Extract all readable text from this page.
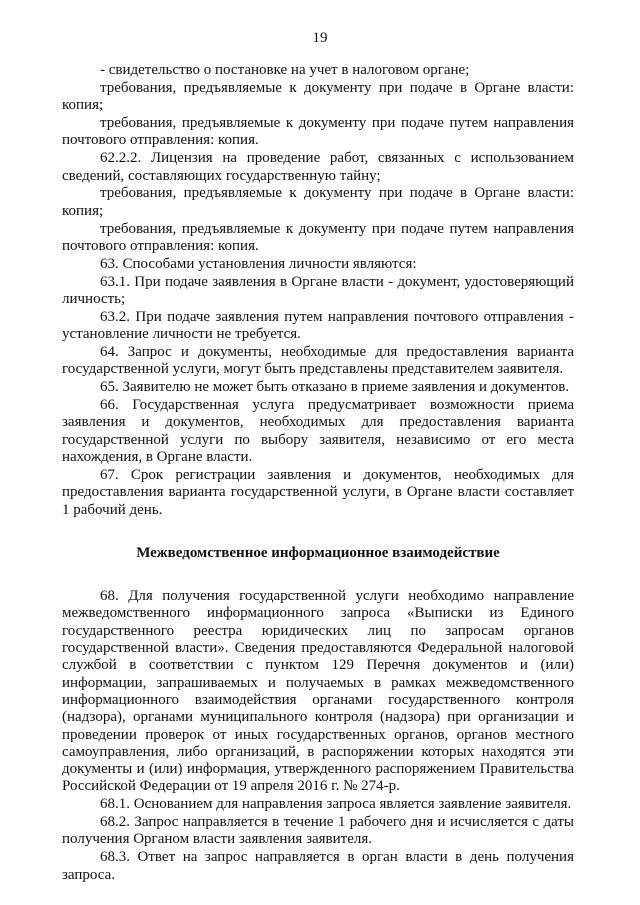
19

- свидетельство о постановке на учет в налоговом органе;

требования, предъявляемые к документу при подаче в Органе власти: копия;

требования, предъявляемые к документу при подаче путем направления почтового отправления: копия.

62.2.2. Лицензия на проведение работ, связанных с использованием сведений, составляющих государственную тайну;

требования, предъявляемые к документу при подаче в Органе власти: копия;

требования, предъявляемые к документу при подаче путем направления почтового отправления: копия.

63. Способами установления личности являются:

63.1. При подаче заявления в Органе власти - документ, удостоверяющий личность;

63.2. При подаче заявления путем направления почтового отправления - установление личности не требуется.

64. Запрос и документы, необходимые для предоставления варианта государственной услуги, могут быть представлены представителем заявителя.

65. Заявителю не может быть отказано в приеме заявления и документов.

66. Государственная услуга предусматривает возможности приема заявления и документов, необходимых для предоставления варианта государственной услуги по выбору заявителя, независимо от его места нахождения, в Органе власти.

67. Срок регистрации заявления и документов, необходимых для предоставления варианта государственной услуги, в Органе власти составляет 1 рабочий день.

Межведомственное информационное взаимодействие

68. Для получения государственной услуги необходимо направление межведомственного информационного запроса «Выписки из Единого государственного реестра юридических лиц по запросам органов государственной власти». Сведения предоставляются Федеральной налоговой службой в соответствии с пунктом 129 Перечня документов и (или) информации, запрашиваемых и получаемых в рамках межведомственного информационного взаимодействия органами государственного контроля (надзора), органами муниципального контроля (надзора) при организации и проведении проверок от иных государственных органов, органов местного самоуправления, либо организаций, в распоряжении которых находятся эти документы и (или) информация, утвержденного распоряжением Правительства Российской Федерации от 19 апреля 2016 г. № 274-р.

68.1. Основанием для направления запроса является заявление заявителя.

68.2. Запрос направляется в течение 1 рабочего дня и исчисляется с даты получения Органом власти заявления заявителя.

68.3. Ответ на запрос направляется в орган власти в день получения запроса.
